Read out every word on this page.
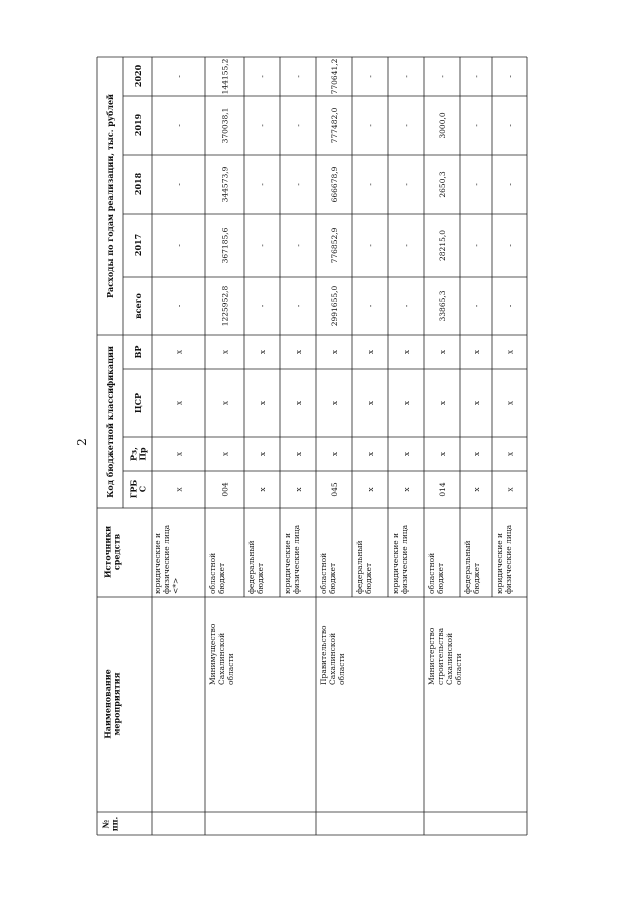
2
№пп.
Наименованиемероприятия
Источникисредств
Код бюджетной классификации ГРБС
Рз,Пр
ЦСР
ВР
Расходы по годам реализации, тыс. рублей
всего
2017
2018
2019
2020
юридические ифизические лица<*>
х
х
х
х
-
-
-
-
-
областнойбюджет
004
х
х
х
1225952,8
367185,6
344573,9
370038,1
144155,2
МинимуществоСахалинскойобласти
федеральныйбюджет
х
х
х
х
-
-
-
-
-
юридические ифизические лица
х
х
х
х
-
-
-
-
-
областнойбюджет
045
х
х
х
2991655,0
776852,9
666678,9
777482,0
770641,2
ПравительствоСахалинскойобласти
федеральныйбюджет
х
х
х
х
-
-
-
-
-
юридические ифизические лица
х
х
х
х
-
-
-
-
-
областнойбюджет
014
х
х
х
33865,3
28215,0
2650,3
3000,0
-
МинистерствостроительстваСахалинскойобласти
федеральныйбюджет
х
х
х
х
-
-
-
-
-
юридические ифизические лица
х
х
х
х
-
-
-
-
-
